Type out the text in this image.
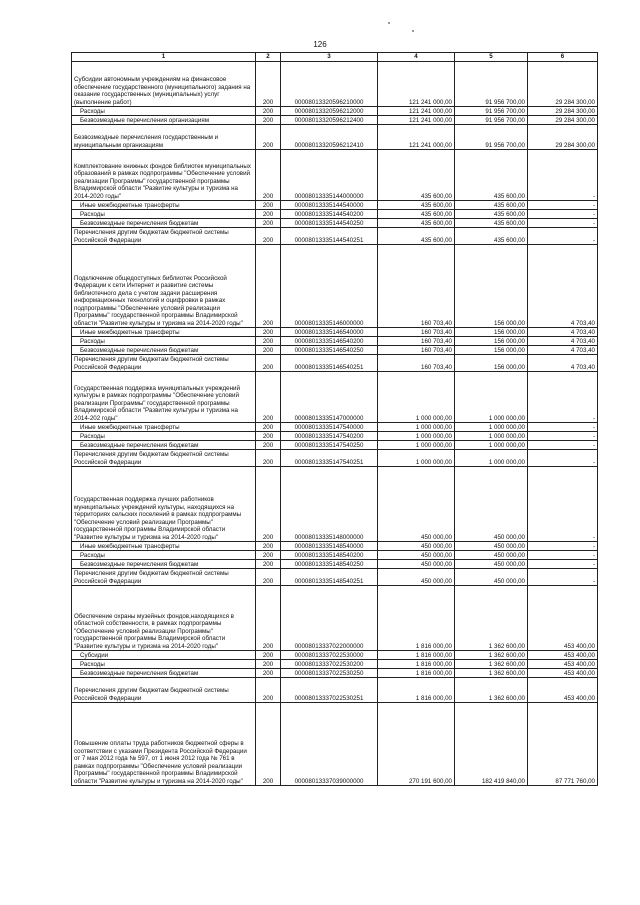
126
1	2	3	4	5	6
Субсидии автономным учреждениям на финансовое обеспечение государственного (муниципального) задания на оказание государственных (муниципальных) услуг (выполнение работ)	200	00008013320596210000	121 241 000,00	91 956 700,00	29 284 300,00
Расходы	200	00008013320596212000	121 241 000,00	91 956 700,00	29 284 300,00
Безвозмездные перечисления организациям	200	00008013320596212400	121 241 000,00	91 956 700,00	29 284 300,00
Безвозмездные перечисления государственным и муниципальным организациям	200	00008013320596212410	121 241 000,00	91 956 700,00	29 284 300,00
Комплектование книжных фондов библиотек муниципальных образований в рамках подпрограммы "Обеспечение условий реализации Программы" государственной программы Владимирской области "Развитие культуры и туризма на 2014-2020 годы"	200	00008013335144000000	435 600,00	435 600,00	-
Иные межбюджетные трансферты	200	00008013335144540000	435 600,00	435 600,00	-
Расходы	200	00008013335144540200	435 600,00	435 600,00	-
Безвозмездные перечисления бюджетам	200	00008013335144540250	435 600,00	435 600,00	-
Перечисления другим бюджетам бюджетной системы Российской Федерации	200	00008013335144540251	435 600,00	435 600,00	-
Подключение общедоступных библиотек Российской Федерации к сети Интернет и развитие системы библиотечного дела с учетом задачи расширения информационных технологий и оцифровки в рамках подпрограммы "Обеспечение условий реализации Программы" государственной программы Владимирской области "Развитие культуры и туризма на 2014-2020 годы"	200	00008013335146000000	160 703,40	156 000,00	4 703,40
Иные межбюджетные трансферты	200	00008013335146540000	160 703,40	156 000,00	4 703,40
Расходы	200	00008013335146540200	160 703,40	156 000,00	4 703,40
Безвозмездные перечисления бюджетам	200	00008013335146540250	160 703,40	156 000,00	4 703,40
Перечисления другим бюджетам бюджетной системы Российской Федерации	200	00008013335146540251	160 703,40	156 000,00	4 703,40
Государственная поддержка муниципальных учреждений культуры в рамках подпрограммы "Обеспечение условий реализации Программы" государственной программы Владимирской области "Развитие культуры и туризма на 2014-202 годы"	200	00008013335147000000	1 000 000,00	1 000 000,00	-
Иные межбюджетные трансферты	200	00008013335147540000	1 000 000,00	1 000 000,00	-
Расходы	200	00008013335147540200	1 000 000,00	1 000 000,00	-
Безвозмездные перечисления бюджетам	200	00008013335147540250	1 000 000,00	1 000 000,00	-
Перечисления другим бюджетам бюджетной системы Российской Федерации	200	00008013335147540251	1 000 000,00	1 000 000,00	-
Государственная поддержка лучших работников муниципальных учреждений культуры, находящихся на территориях сельских поселений в рамках подпрограммы "Обеспечение условий реализации Программы" государственной программы Владимирской области "Развитие культуры и туризма на 2014-2020 годы"	200	00008013335148000000	450 000,00	450 000,00	-
Иные межбюджетные трансферты	200	00008013335148540000	450 000,00	450 000,00	-
Расходы	200	00008013335148540200	450 000,00	450 000,00	-
Безвозмездные перечисления бюджетам	200	00008013335148540250	450 000,00	450 000,00	-
Перечисления другим бюджетам бюджетной системы Российской Федерации	200	00008013335148540251	450 000,00	450 000,00	-
Обеспечение охраны музейных фондов,находящихся в областной собственности, в рамках подпрограммы "Обеспечение условий реализации Программы" государственной программы Владимирской области "Развитие культуры и туризма на 2014-2020 годы"	200	00008013337022000000	1 816 000,00	1 362 600,00	453 400,00
Субсидии	200	00008013337022530000	1 816 000,00	1 362 600,00	453 400,00
Расходы	200	00008013337022530200	1 816 000,00	1 362 600,00	453 400,00
Безвозмездные перечисления бюджетам	200	00008013337022530250	1 816 000,00	1 362 600,00	453 400,00
Перечисления другим бюджетам бюджетной системы Российской Федерации	200	00008013337022530251	1 816 000,00	1 362 600,00	453 400,00
Повышение оплаты труда работников бюджетной сферы в соответствии с указами Президента Российской Федерации от 7 мая 2012 года № 597, от 1 июня 2012 года № 761 в рамках подпрограммы "Обеспечение условий реализации Программы" государственной программы Владимирской области "Развитие культуры и туризма на 2014-2020 годы"	200	00008013337039000000	270 191 600,00	182 419 840,00	87 771 760,00
